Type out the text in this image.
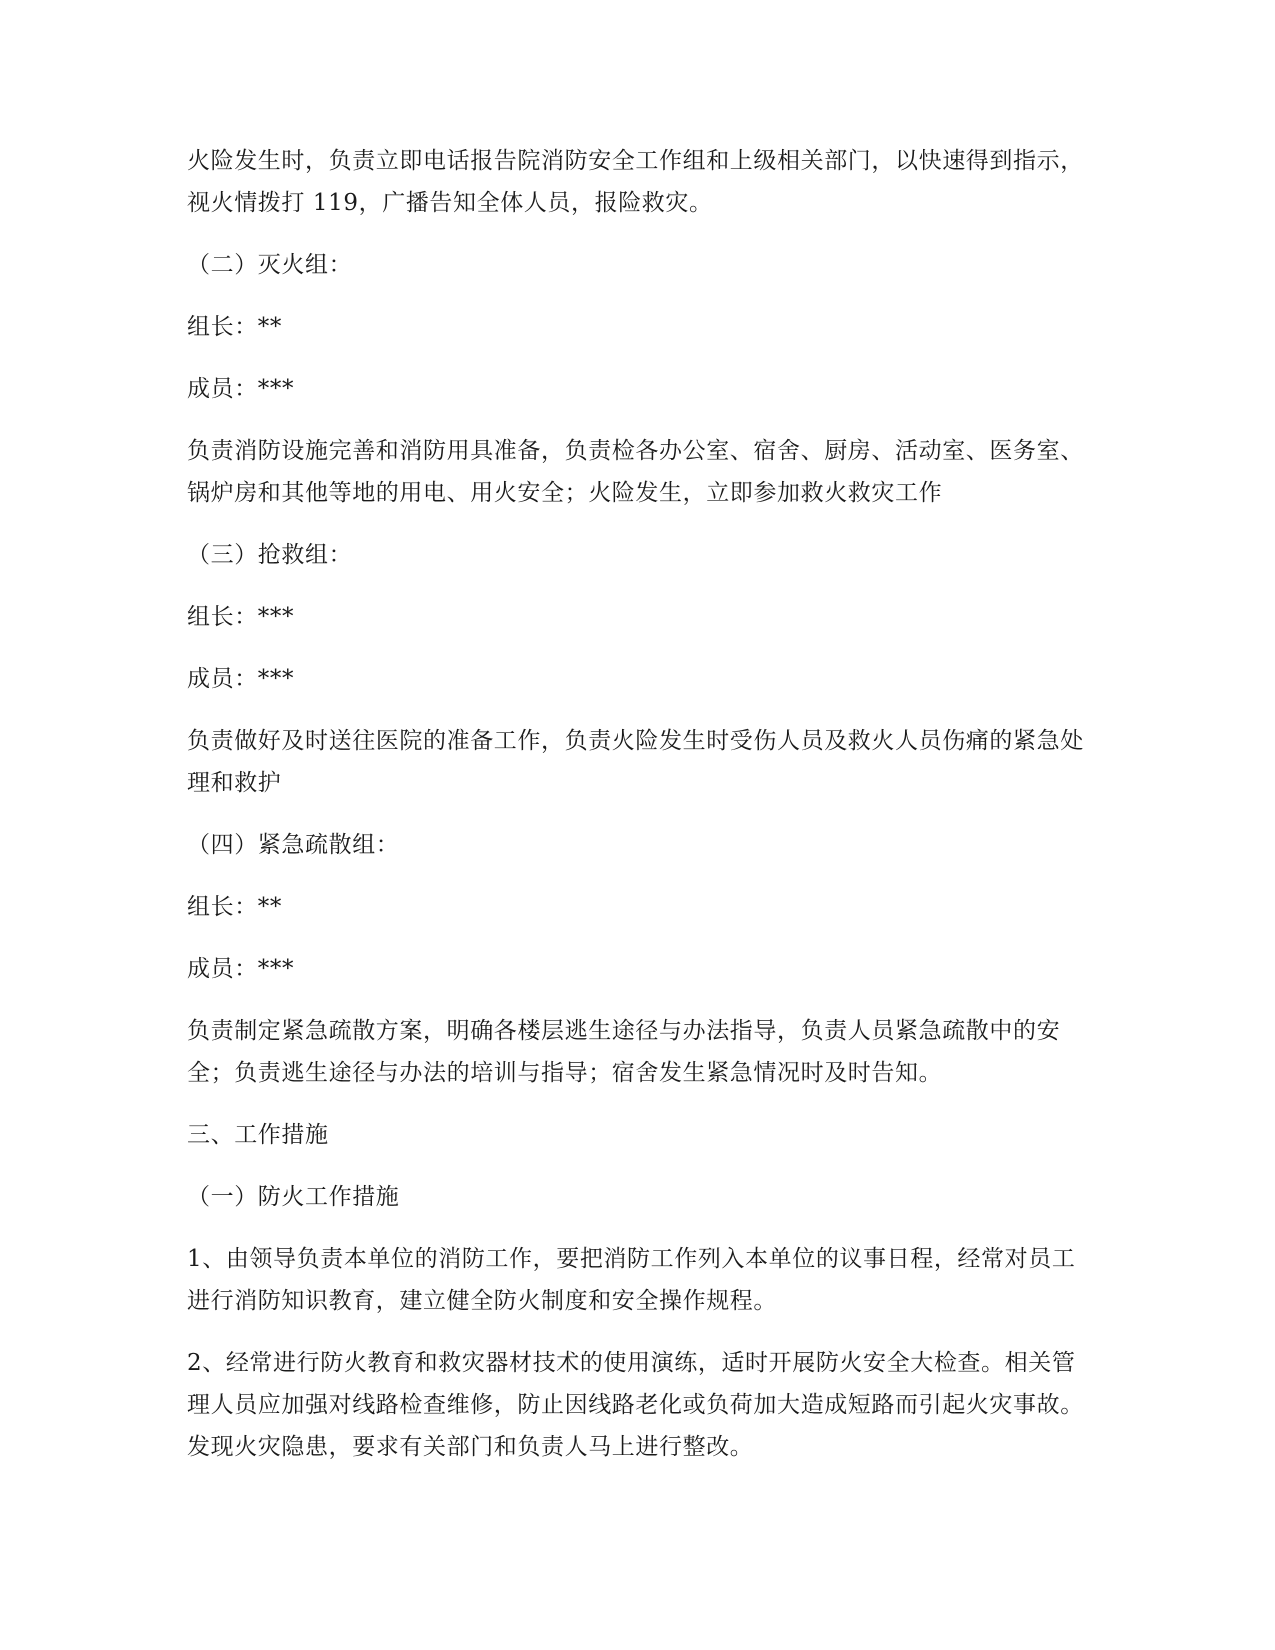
火险发生时，负责立即电话报告院消防安全工作组和上级相关部门，以快速得到指示，视火情拨打 119，广播告知全体人员，报险救灾。

（二）灭火组：

组长：**

成员：***

负责消防设施完善和消防用具准备，负责检各办公室、宿舍、厨房、活动室、医务室、锅炉房和其他等地的用电、用火安全；火险发生，立即参加救火救灾工作

（三）抢救组：

组长：***

成员：***

负责做好及时送往医院的准备工作，负责火险发生时受伤人员及救火人员伤痛的紧急处理和救护

（四）紧急疏散组：

组长：**

成员：***

负责制定紧急疏散方案，明确各楼层逃生途径与办法指导，负责人员紧急疏散中的安全；负责逃生途径与办法的培训与指导；宿舍发生紧急情况时及时告知。

三、工作措施

（一）防火工作措施

1、由领导负责本单位的消防工作，要把消防工作列入本单位的议事日程，经常对员工进行消防知识教育，建立健全防火制度和安全操作规程。

2、经常进行防火教育和救灾器材技术的使用演练，适时开展防火安全大检查。相关管理人员应加强对线路检查维修，防止因线路老化或负荷加大造成短路而引起火灾事故。发现火灾隐患，要求有关部门和负责人马上进行整改。
